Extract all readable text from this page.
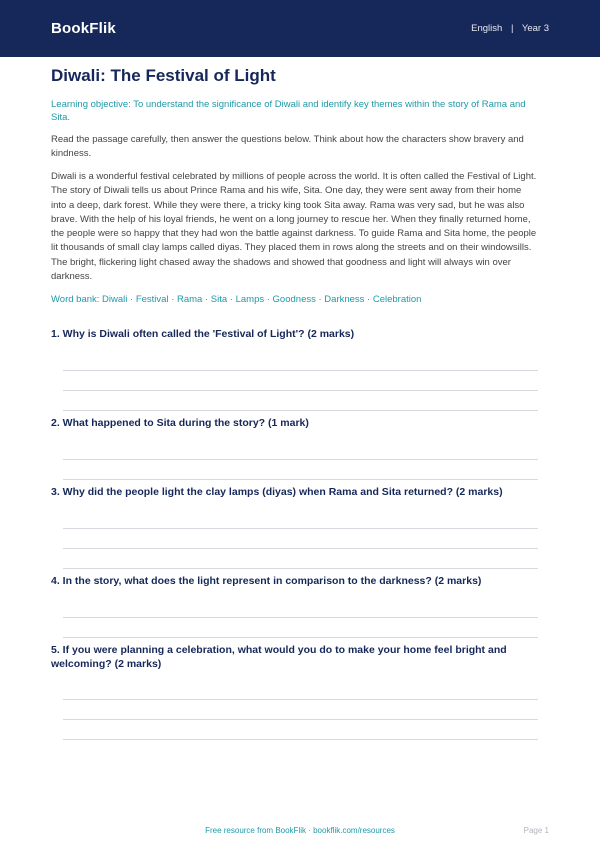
BookFlik	English | Year 3
Diwali: The Festival of Light

Learning objective: To understand the significance of Diwali and identify key themes within the story of Rama and Sita.

Read the passage carefully, then answer the questions below. Think about how the characters show bravery and kindness.

Diwali is a wonderful festival celebrated by millions of people across the world. It is often called the Festival of Light. The story of Diwali tells us about Prince Rama and his wife, Sita. One day, they were sent away from their home into a deep, dark forest. While they were there, a tricky king took Sita away. Rama was very sad, but he was also brave. With the help of his loyal friends, he went on a long journey to rescue her. When they finally returned home, the people were so happy that they had won the battle against darkness. To guide Rama and Sita home, the people lit thousands of small clay lamps called diyas. They placed them in rows along the streets and on their windowsills. The bright, flickering light chased away the shadows and showed that goodness and light will always win over darkness.

Word bank: Diwali · Festival · Rama · Sita · Lamps · Goodness · Darkness · Celebration

1. Why is Diwali often called the 'Festival of Light'? (2 marks)

2. What happened to Sita during the story? (1 mark)

3. Why did the people light the clay lamps (diyas) when Rama and Sita returned? (2 marks)

4. In the story, what does the light represent in comparison to the darkness? (2 marks)

5. If you were planning a celebration, what would you do to make your home feel bright and welcoming? (2 marks)

Free resource from BookFlik · bookflik.com/resources	Page 1
